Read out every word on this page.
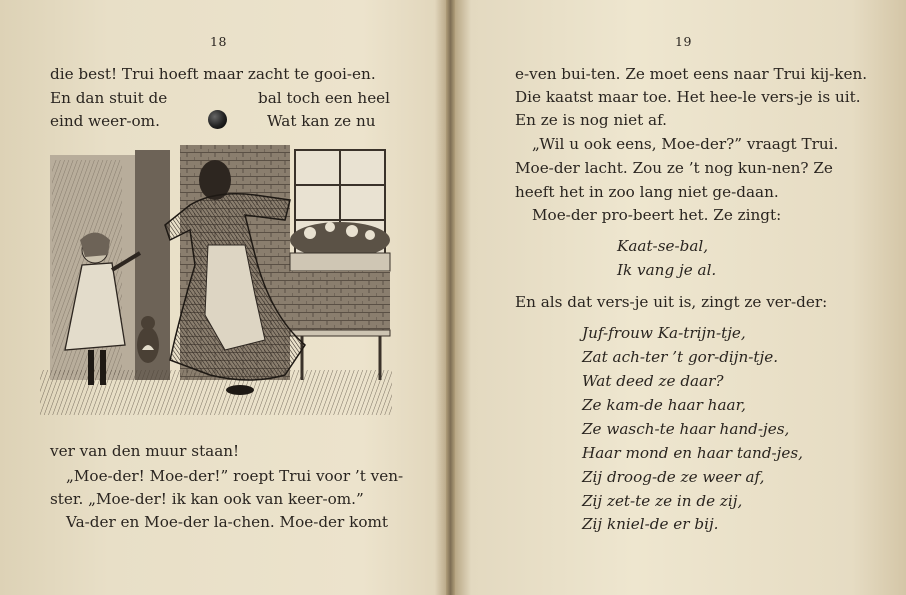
18
die best! Trui hoeft maar zacht te gooi-en.
En dan stuit de	bal toch een heel
eind weer-om.	Wat kan ze nu
ver van den muur staan!
„Moe-der! Moe-der!” roept Trui voor ’t ven-
ster. „Moe-der! ik kan ook van keer-om.”
Va-der en Moe-der la-chen. Moe-der komt
19
e-ven bui-ten. Ze moet eens naar Trui kij-ken.
Die kaatst maar toe. Het hee-le vers-je is uit.
En ze is nog niet af.
„Wil u ook eens, Moe-der?” vraagt Trui.
Moe-der lacht. Zou ze ’t nog kun-nen? Ze
heeft het in zoo lang niet ge-daan.
Moe-der pro-beert het. Ze zingt:
Kaat-se-bal,
Ik vang je al.
En als dat vers-je uit is, zingt ze ver-der:
Juf-frouw Ka-trijn-tje,
Zat ach-ter ’t gor-dijn-tje.
Wat deed ze daar?
Ze kam-de haar haar,
Ze wasch-te haar hand-jes,
Haar mond en haar tand-jes,
Zij droog-de ze weer af,
Zij zet-te ze in de zij,
Zij kniel-de er bij.
